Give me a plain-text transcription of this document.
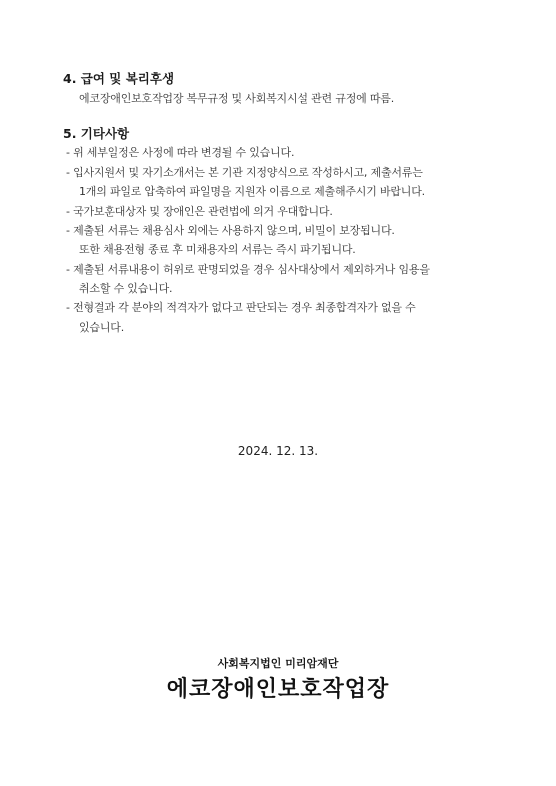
4. 급여 및 복리후생
에코장애인보호작업장 복무규정 및 사회복지시설 관련 규정에 따름.
5. 기타사항
- 위 세부일정은 사정에 따라 변경될 수 있습니다.
- 입사지원서 및 자기소개서는 본 기관 지정양식으로 작성하시고, 제출서류는
1개의 파일로 압축하여 파일명을 지원자 이름으로 제출해주시기 바랍니다.
- 국가보훈대상자 및 장애인은 관련법에 의거 우대합니다.
- 제출된 서류는 채용심사 외에는 사용하지 않으며, 비밀이 보장됩니다.
또한 채용전형 종료 후 미채용자의 서류는 즉시 파기됩니다.
- 제출된 서류내용이 허위로 판명되었을 경우 심사대상에서 제외하거나 임용을
취소할 수 있습니다.
- 전형결과 각 분야의 적격자가 없다고 판단되는 경우 최종합격자가 없을 수
있습니다.
2024. 12. 13.
사회복지법인 미리암재단
에코장애인보호작업장
